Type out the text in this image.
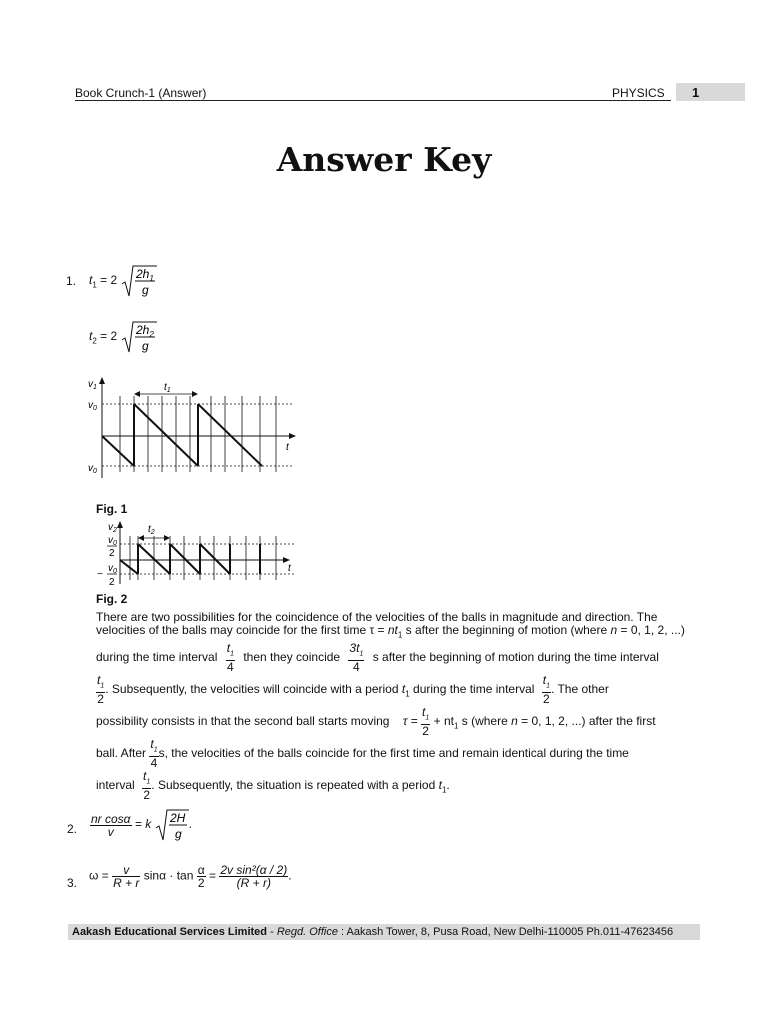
Book Crunch-1 (Answer)	PHYSICS 1
Answer Key
1. $t_1 = 2$ $2h_1$
g
$t_2 = 2$ $2h_2$
g
$t_1$
$v_1$
$v_0$
$v_0$
t
Fig. 1
$t_2$
$v_2$
$v_0$
2
−
$v_0$
2
t
Fig. 2
There are two possibilities for the coincidence of the velocities of the balls in magnitude and direction. The
velocities of the balls may coincide for the first time $\tau = nt_1$ s after the beginning of motion (where n = 0, 1, 2, ...)
during the time interval $\frac{t_1}{4}$ then they coincide $\frac{3t_1}{4}$ s after the beginning of motion during the time interval
$\frac{t_1}{2}$ . Subsequently, the velocities will coincide with a period $t_1$ during the time interval $\frac{t_1}{2}$ . The other
possibility consists in that the second ball starts moving $\tau = \frac{t_1}{2} + nt_1$ s (where n = 0, 1, 2, ...) after the first
ball. After $\frac{t_1}{4} s$, the velocities of the balls coincide for the first time and remain identical during the time
interval $\frac{t_1}{2}$ . Subsequently, the situation is repeated with a period $t_1$.
2. $\frac{\text{nr cosα}}{v} = k$ 2H
g
.
3.
$\omega = \frac{v}{R + r}$ $\sin\alpha \cdot \tan \frac{\alpha}{2} = \frac{\text{2v sin²(α / 2)}}{(R + r)}$ .
Aakash Educational Services Limited - Regd. Office : Aakash Tower, 8, Pusa Road, New Delhi-110005 Ph.011-47623456
